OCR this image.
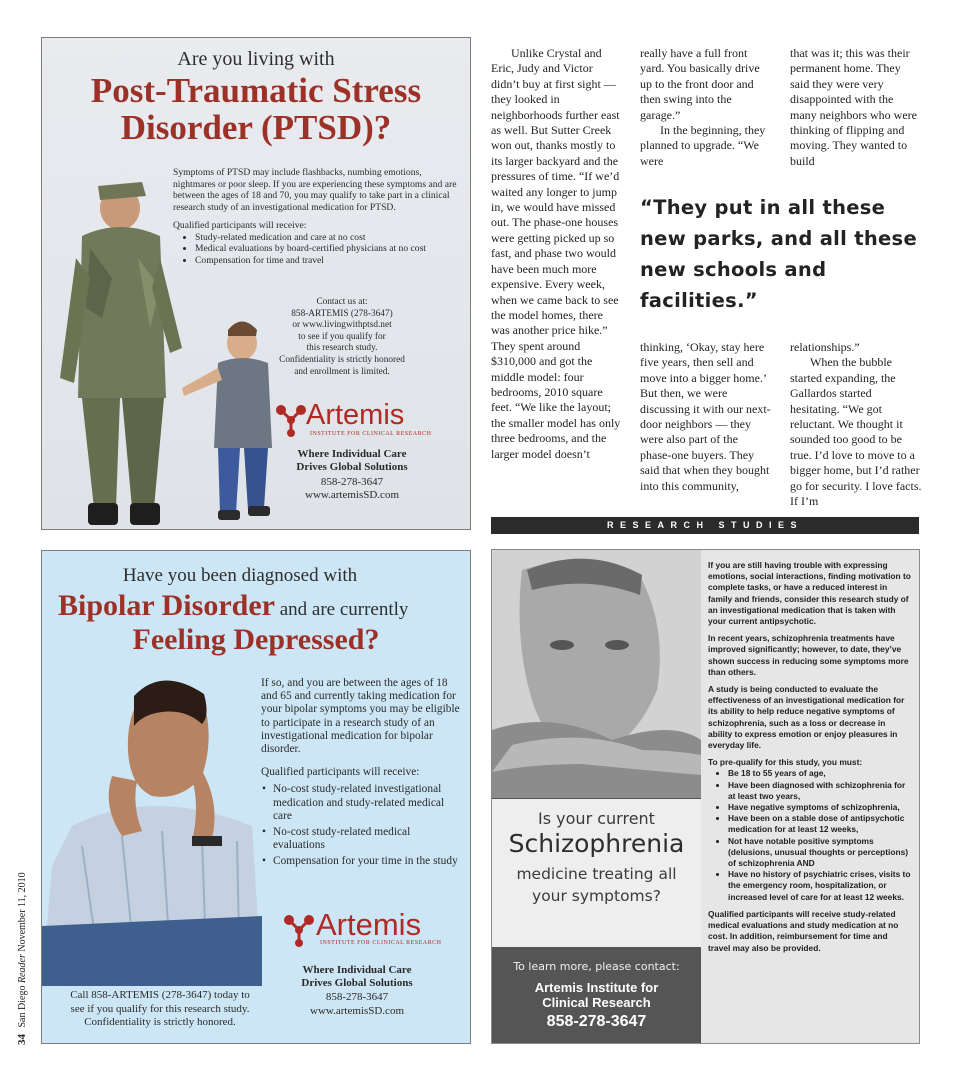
34 San Diego Reader November 11, 2010
Are you living with
Post-Traumatic Stress
Disorder (PTSD)?

Symptoms of PTSD may include flashbacks, numbing emotions, nightmares or poor sleep. If you are experiencing these symptoms and are between the ages of 18 and 70, you may qualify to take part in a clinical research study of an investigational medication for PTSD.

Qualified participants will receive:

• Study-related medication and care at no cost
• Medical evaluations by board-certified physicians at no cost
• Compensation for time and travel
Contact us at:
858-ARTEMIS (278-3647)
or www.livingwithptsd.net
to see if you qualify for
this research study.
Confidentiality is strictly honored
and enrollment is limited.
Artemis
INSTITUTE FOR CLINICAL RESEARCH
Where Individual Care
Drives Global Solutions
858-278-3647
www.artemisSD.com

Unlike Crystal and Eric, Judy and Victor didn’t buy at first sight — they looked in neighborhoods further east as well. But Sutter Creek won out, thanks mostly to its larger backyard and the pressures of time. “If we’d waited any longer to jump in, we would have missed out. The phase-one houses were getting picked up so fast, and phase two would have been much more expensive. Every week, when we came back to see the model homes, there was another price hike.” They spent around $310,000 and got the middle model: four bedrooms, 2010 square feet. “We like the layout; the smaller model has only three bedrooms, and the larger model doesn’t

really have a full front yard. You basically drive up to the front door and then swing into the garage.”

In the beginning, they planned to upgrade. “We were

that was it; this was their permanent home. They said they were very disappointed with the many neighbors who were thinking of flipping and moving. They wanted to build

“They put in all these new parks, and all these new schools and facilities.”

thinking, ‘Okay, stay here five years, then sell and move into a bigger home.’ But then, we were discussing it with our next-door neighbors — they were also part of the phase-one buyers. They said that when they bought into this community,

relationships.”

When the bubble started expanding, the Gallardos started hesitating. “We got reluctant. We thought it sounded too good to be true. I’d love to move to a bigger home, but I’d rather go for security. I love facts. If I’m

RESEARCH STUDIES
Have you been diagnosed with
Bipolar Disorder and are currently
Feeling Depressed?

If so, and you are between the ages of 18 and 65 and currently taking medication for your bipolar symptoms you may be eligible to participate in a research study of an investigational medication for bipolar disorder.

Qualified participants will receive:

• No-cost study-related investigational medication and study-related medical care
• No-cost study-related medical evaluations
• Compensation for your time in the study
Artemis
INSTITUTE FOR CLINICAL RESEARCH
Where Individual Care
Drives Global Solutions
858-278-3647
www.artemisSD.com
Call 858-ARTEMIS (278-3647) today to
see if you qualify for this research study.
Confidentiality is strictly honored.
Is your current
Schizophrenia
medicine treating all
your symptoms?
To learn more, please contact:
Artemis Institute for
Clinical Research
858-278-3647

If you are still having trouble with expressing emotions, social interactions, finding motivation to complete tasks, or have a reduced interest in family and friends, consider this research study of an investigational medication that is taken with your current antipsychotic.

In recent years, schizophrenia treatments have improved significantly; however, to date, they’ve shown success in reducing some symptoms more than others.

A study is being conducted to evaluate the effectiveness of an investigational medication for its ability to help reduce negative symptoms of schizophrenia, such as a loss or decrease in ability to express emotion or enjoy pleasures in everyday life.

To pre-qualify for this study, you must:

• Be 18 to 55 years of age,
• Have been diagnosed with schizophrenia for at least two years,
• Have negative symptoms of schizophrenia,
• Have been on a stable dose of antipsychotic medication for at least 12 weeks,
• Not have notable positive symptoms (delusions, unusual thoughts or perceptions) of schizophrenia AND
• Have no history of psychiatric crises, visits to the emergency room, hospitalization, or increased level of care for at least 12 weeks.

Qualified participants will receive study-related medical evaluations and study medication at no cost. In addition, reimbursement for time and travel may also be provided.
